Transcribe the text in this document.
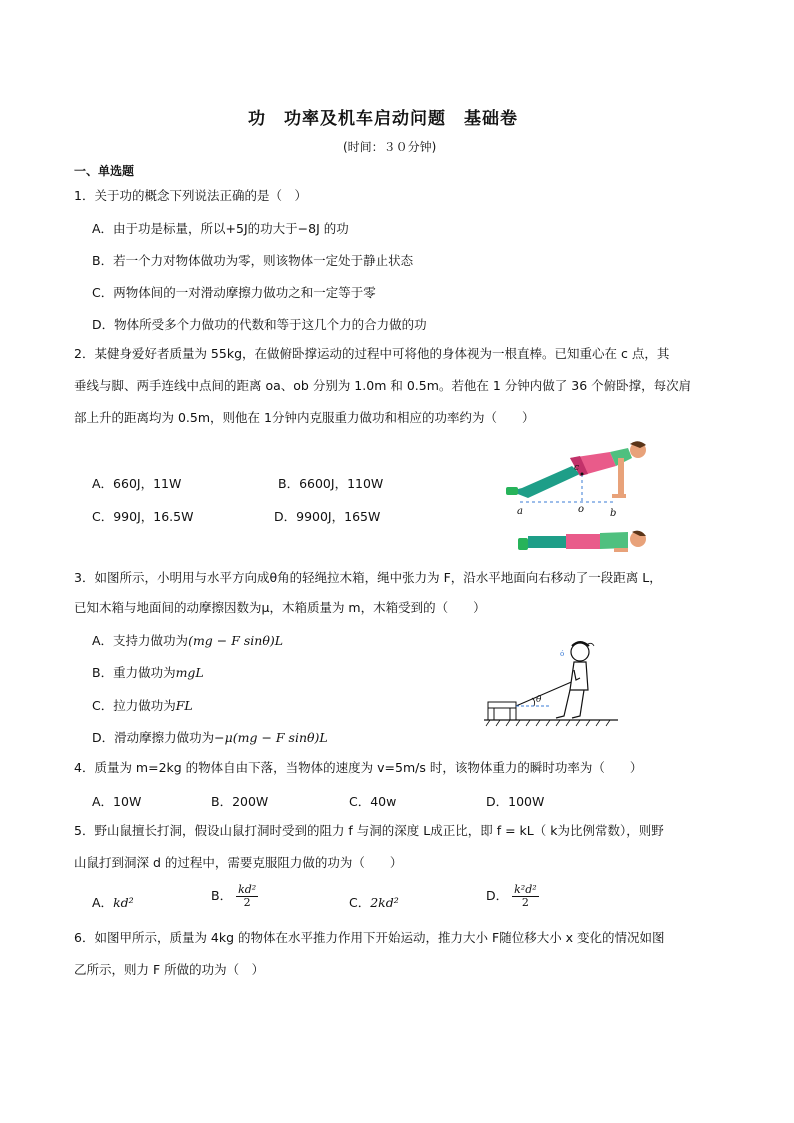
功　功率及机车启动问题　基础卷
(时间：３０分钟)
一、单选题
1．关于功的概念下列说法正确的是（　）
A．由于功是标量，所以+5J的功大于−8J 的功
B．若一个力对物体做功为零，则该物体一定处于静止状态
C．两物体间的一对滑动摩擦力做功之和一定等于零
D．物体所受多个力做功的代数和等于这几个力的合力做的功
2．某健身爱好者质量为 55kg，在做俯卧撑运动的过程中可将他的身体视为一根直棒。已知重心在 c 点，其
垂线与脚、两手连线中点间的距离 oa、ob 分别为 1.0m 和 0.5m。若他在 1 分钟内做了 36 个俯卧撑，每次肩
部上升的距离均为 0.5m，则他在 1分钟内克服重力做功和相应的功率约为（　　）
A．660J，11W	B．6600J，110W
C．990J，16.5W	D．9900J，165W
c
a	o	b
3．如图所示，小明用与水平方向成θ角的轻绳拉木箱，绳中张力为 F，沿水平地面向右移动了一段距离 L，
已知木箱与地面间的动摩擦因数为μ，木箱质量为 m，木箱受到的（　　）
A．支持力做功为(mg − F sinθ)L
B．重力做功为mgL
C．拉力做功为FL
D．滑动摩擦力做功为−μ(mg − F sinθ)L
θ
ó
4．质量为 m=2kg 的物体自由下落，当物体的速度为 v=5m/s 时，该物体重力的瞬时功率为（　　）
A．10W	B．200W	C．40w	D．100W
5．野山鼠擅长打洞，假设山鼠打洞时受到的阻力 f 与洞的深度 L成正比，即 f = kL（ k为比例常数），则野
山鼠打到洞深 d 的过程中，需要克服阻力做的功为（　　）
A．kd²	B． $\frac{\text{kd²}}{2}$	C．2kd²	D． $\frac{\text{k²d²}}{2}$
6．如图甲所示，质量为 4kg 的物体在水平推力作用下开始运动，推力大小 F随位移大小 x 变化的情况如图
乙所示，则力 F 所做的功为（　）
